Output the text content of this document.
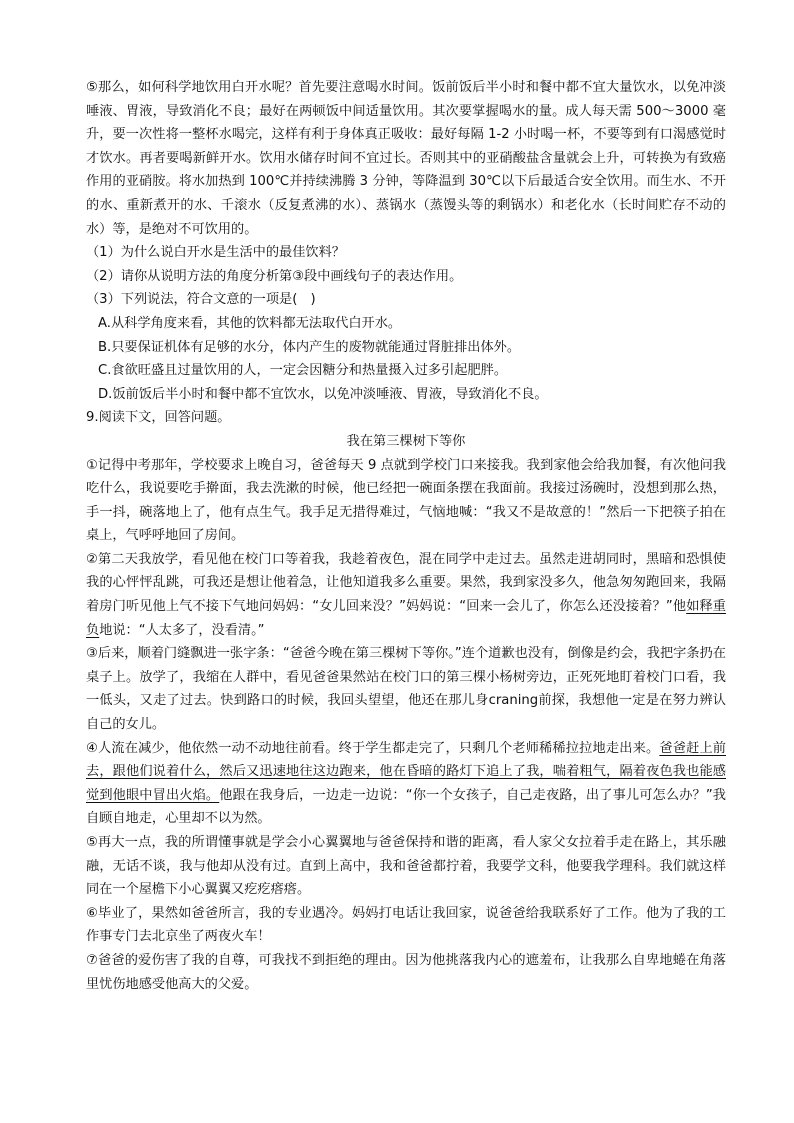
⑤那么，如何科学地饮用白开水呢？首先要注意喝水时间。饭前饭后半小时和餐中都不宜大量饮水，以免冲淡唾液、胃液，导致消化不良；最好在两顿饭中间适量饮用。其次要掌握喝水的量。成人每天需 500～3000 毫升，要一次性将一整杯水喝完，这样有利于身体真正吸收：最好每隔 1-2 小时喝一杯，不要等到有口渴感觉时才饮水。再者要喝新鲜开水。饮用水储存时间不宜过长。否则其中的亚硝酸盐含量就会上升，可转换为有致癌作用的亚硝胺。将水加热到 100℃并持续沸腾 3 分钟，等降温到 30℃以下后最适合安全饮用。而生水、不开的水、重新煮开的水、千滚水（反复煮沸的水）、蒸锅水（蒸馒头等的剩锅水）和老化水（长时间贮存不动的水）等，是绝对不可饮用的。

（1）为什么说白开水是生活中的最佳饮料？

（2）请你从说明方法的角度分析第③段中画线句子的表达作用。

（3）下列说法，符合文意的一项是(　)

A.从科学角度来看，其他的饮料都无法取代白开水。

B.只要保证机体有足够的水分，体内产生的废物就能通过肾脏排出体外。

C.食欲旺盛且过量饮用的人，一定会因糖分和热量摄入过多引起肥胖。

D.饭前饭后半小时和餐中都不宜饮水，以免冲淡唾液、胃液，导致消化不良。

9.阅读下文，回答问题。

我在第三棵树下等你

①记得中考那年，学校要求上晚自习，爸爸每天 9 点就到学校门口来接我。我到家他会给我加餐，有次他问我吃什么，我说要吃手擀面，我去洗漱的时候，他已经把一碗面条摆在我面前。我接过汤碗时，没想到那么热，手一抖，碗落地上了，他有点生气。我手足无措得难过，气恼地喊：“我又不是故意的！”然后一下把筷子拍在桌上，气呼呼地回了房间。

②第二天我放学，看见他在校门口等着我，我趁着夜色，混在同学中走过去。虽然走进胡同时，黑暗和恐惧使我的心怦怦乱跳，可我还是想让他着急，让他知道我多么重要。果然，我到家没多久，他急匆匆跑回来，我隔着房门听见他上气不接下气地问妈妈：“女儿回来没？”妈妈说：“回来一会儿了，你怎么还没接着？”他如释重负地说：“人太多了，没看清。”

③后来，顺着门缝飘进一张字条：“爸爸今晚在第三棵树下等你。”连个道歉也没有，倒像是约会，我把字条扔在桌子上。放学了，我缩在人群中，看见爸爸果然站在校门口的第三棵小杨树旁边，正死死地盯着校门口看，我一低头，又走了过去。快到路口的时候，我回头望望，他还在那儿身craning前探，我想他一定是在努力辨认自己的女儿。

④人流在减少，他依然一动不动地往前看。终于学生都走完了，只剩几个老师稀稀拉拉地走出来。爸爸赶上前去，跟他们说着什么，然后又迅速地往这边跑来，他在昏暗的路灯下追上了我，喘着粗气，隔着夜色我也能感觉到他眼中冒出火焰。他跟在我身后，一边走一边说：“你一个女孩子，自己走夜路，出了事儿可怎么办？”我自顾自地走，心里却不以为然。

⑤再大一点，我的所谓懂事就是学会小心翼翼地与爸爸保持和谐的距离，看人家父女拉着手走在路上，其乐融融，无话不谈，我与他却从没有过。直到上高中，我和爸爸都拧着，我要学文科，他要我学理科。我们就这样同在一个屋檐下小心翼翼又疙疙瘩瘩。

⑥毕业了，果然如爸爸所言，我的专业遇冷。妈妈打电话让我回家，说爸爸给我联系好了工作。他为了我的工作事专门去北京坐了两夜火车！

⑦爸爸的爱伤害了我的自尊，可我找不到拒绝的理由。因为他挑落我内心的遮羞布，让我那么自卑地蜷在角落里忧伤地感受他高大的父爱。
